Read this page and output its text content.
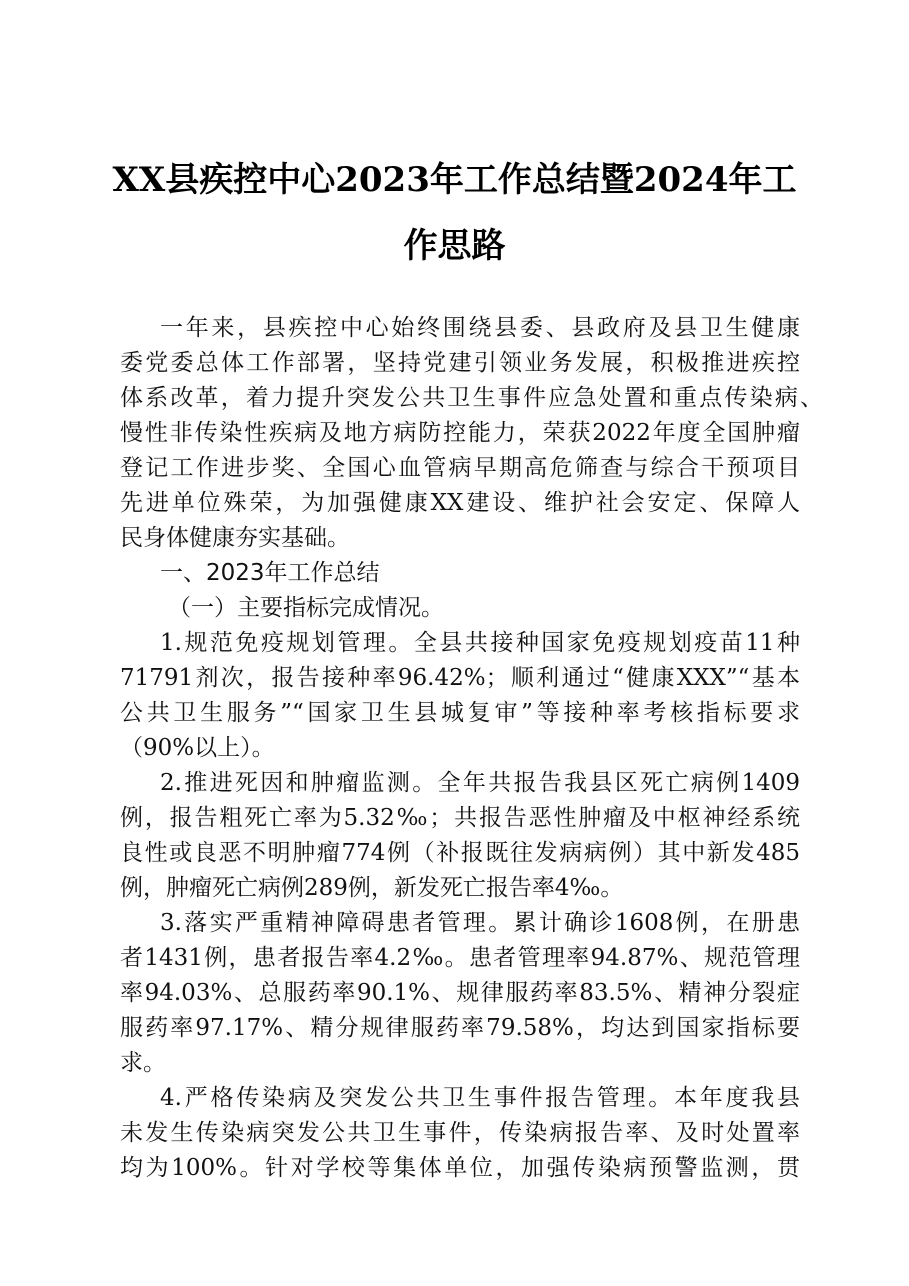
XX县疾控中心2023年工作总结暨2024年工
作思路
一年来，县疾控中心始终围绕县委、县政府及县卫生健康
委党委总体工作部署，坚持党建引领业务发展，积极推进疾控
体系改革，着力提升突发公共卫生事件应急处置和重点传染病、
慢性非传染性疾病及地方病防控能力，荣获2022年度全国肿瘤
登记工作进步奖、全国心血管病早期高危筛查与综合干预项目
先进单位殊荣，为加强健康XX建设、维护社会安定、保障人
民身体健康夯实基础。
一、2023年工作总结
（一）主要指标完成情况。
1.规范免疫规划管理。全县共接种国家免疫规划疫苗11种
71791剂次，报告接种率96.42%；顺利通过“健康XXX”“基本
公共卫生服务”“国家卫生县城复审”等接种率考核指标要求
（90%以上）。
2.推进死因和肿瘤监测。全年共报告我县区死亡病例1409
例，报告粗死亡率为5.32‰；共报告恶性肿瘤及中枢神经系统
良性或良恶不明肿瘤774例（补报既往发病病例）其中新发485
例，肿瘤死亡病例289例，新发死亡报告率4‰。
3.落实严重精神障碍患者管理。累计确诊1608例，在册患
者1431例，患者报告率4.2‰。患者管理率94.87%、规范管理
率94.03%、总服药率90.1%、规律服药率83.5%、精神分裂症
服药率97.17%、精分规律服药率79.58%，均达到国家指标要
求。
4.严格传染病及突发公共卫生事件报告管理。本年度我县
未发生传染病突发公共卫生事件，传染病报告率、及时处置率
均为100%。针对学校等集体单位，加强传染病预警监测，贯
